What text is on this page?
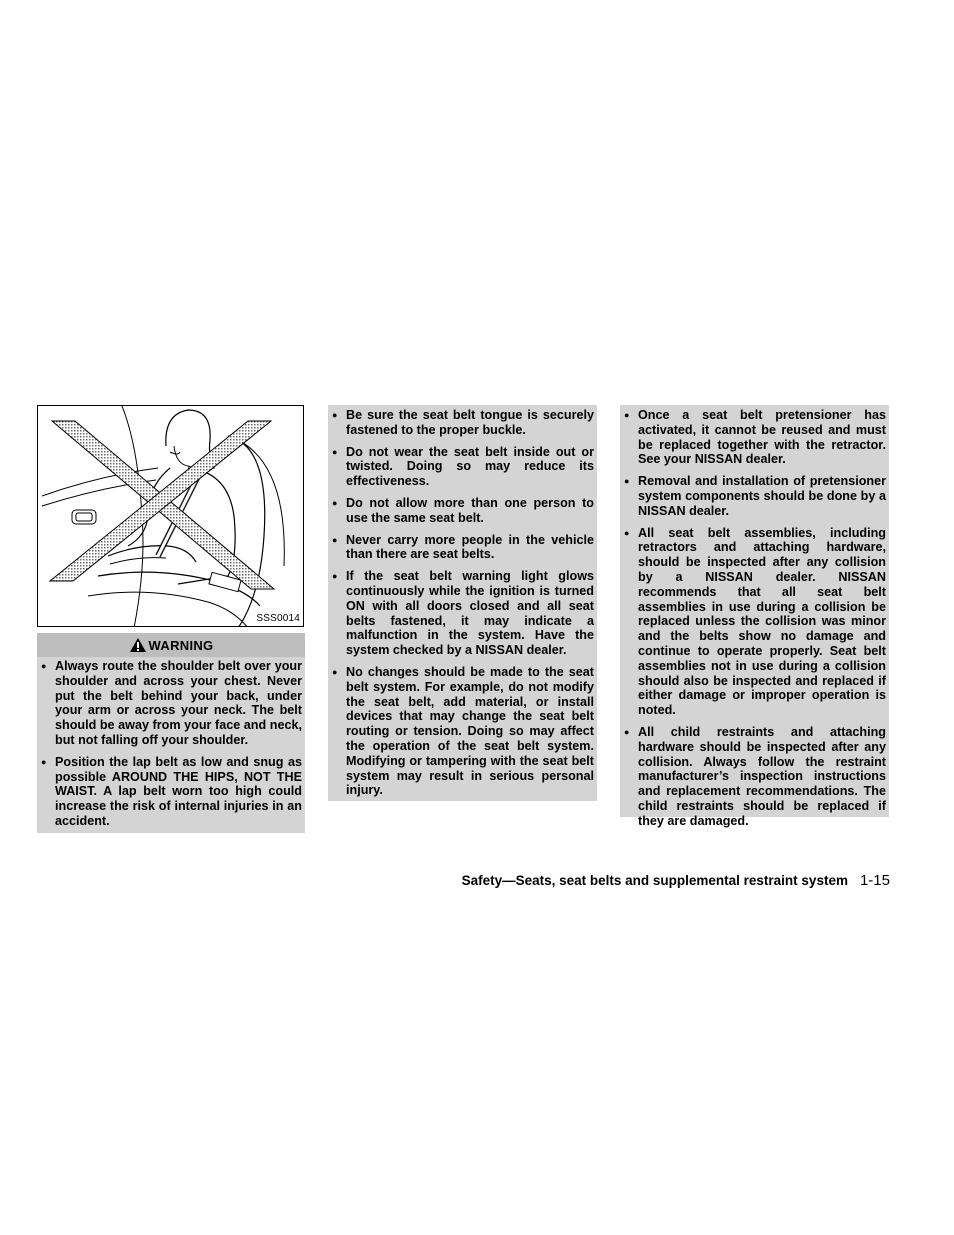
SSS0014
WARNING
● Always route the shoulder belt over your shoulder and across your chest. Never put the belt behind your back, under your arm or across your neck. The belt should be away from your face and neck, but not falling off your shoulder.
● Position the lap belt as low and snug as possible AROUND THE HIPS, NOT THE WAIST. A lap belt worn too high could increase the risk of internal injuries in an accident.
● Be sure the seat belt tongue is securely fastened to the proper buckle.
● Do not wear the seat belt inside out or twisted. Doing so may reduce its effectiveness.
● Do not allow more than one person to use the same seat belt.
● Never carry more people in the vehicle than there are seat belts.
● If the seat belt warning light glows continuously while the ignition is turned ON with all doors closed and all seat belts fastened, it may indicate a malfunction in the system. Have the system checked by a NISSAN dealer.
● No changes should be made to the seat belt system. For example, do not modify the seat belt, add material, or install devices that may change the seat belt routing or tension. Doing so may affect the operation of the seat belt system. Modifying or tampering with the seat belt system may result in serious personal injury.
● Once a seat belt pretensioner has activated, it cannot be reused and must be replaced together with the retractor. See your NISSAN dealer.
● Removal and installation of pretensioner system components should be done by a NISSAN dealer.
● All seat belt assemblies, including retractors and attaching hardware, should be inspected after any collision by a NISSAN dealer. NISSAN recommends that all seat belt assemblies in use during a collision be replaced unless the collision was minor and the belts show no damage and continue to operate properly. Seat belt assemblies not in use during a collision should also be inspected and replaced if either damage or improper operation is noted.
● All child restraints and attaching hardware should be inspected after any collision. Always follow the restraint manufacturer’s inspection instructions and replacement recommendations. The child restraints should be replaced if they are damaged.
Safety—Seats, seat belts and supplemental restraint system 1-15
